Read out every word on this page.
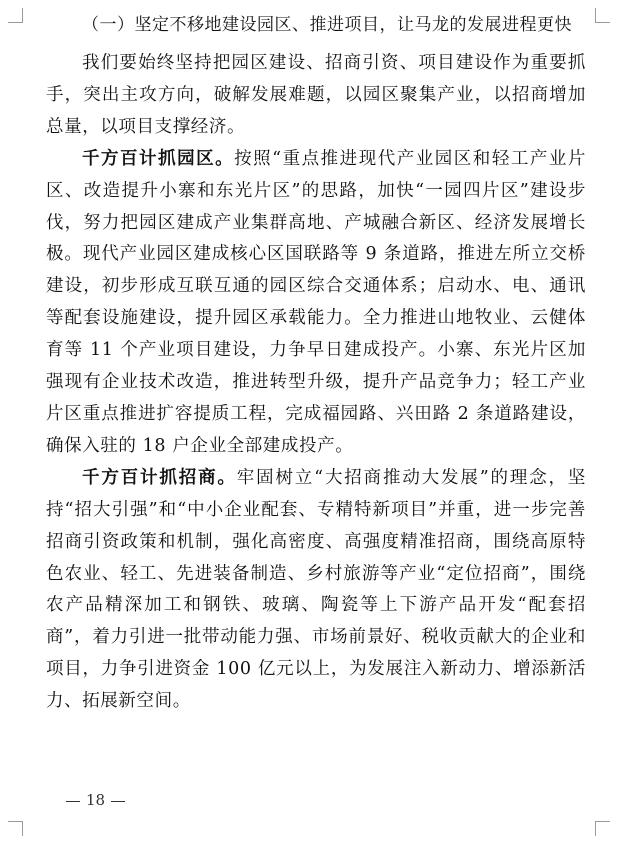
（一）坚定不移地建设园区、推进项目，让马龙的发展进程更快

我们要始终坚持把园区建设、招商引资、项目建设作为重要抓手，突出主攻方向，破解发展难题，以园区聚集产业，以招商增加总量，以项目支撑经济。

千方百计抓园区。按照“重点推进现代产业园区和轻工产业片区、改造提升小寨和东光片区”的思路，加快“一园四片区”建设步伐，努力把园区建成产业集群高地、产城融合新区、经济发展增长极。现代产业园区建成核心区国联路等 9 条道路，推进左所立交桥建设，初步形成互联互通的园区综合交通体系；启动水、电、通讯等配套设施建设，提升园区承载能力。全力推进山地牧业、云健体育等 11 个产业项目建设，力争早日建成投产。小寨、东光片区加强现有企业技术改造，推进转型升级，提升产品竞争力；轻工产业片区重点推进扩容提质工程，完成福园路、兴田路 2 条道路建设，确保入驻的 18 户企业全部建成投产。

千方百计抓招商。牢固树立“大招商推动大发展”的理念，坚持“招大引强”和“中小企业配套、专精特新项目”并重，进一步完善招商引资政策和机制，强化高密度、高强度精准招商，围绕高原特色农业、轻工、先进装备制造、乡村旅游等产业“定位招商”，围绕农产品精深加工和钢铁、玻璃、陶瓷等上下游产品开发“配套招商”，着力引进一批带动能力强、市场前景好、税收贡献大的企业和项目，力争引进资金 100 亿元以上，为发展注入新动力、增添新活力、拓展新空间。

18
